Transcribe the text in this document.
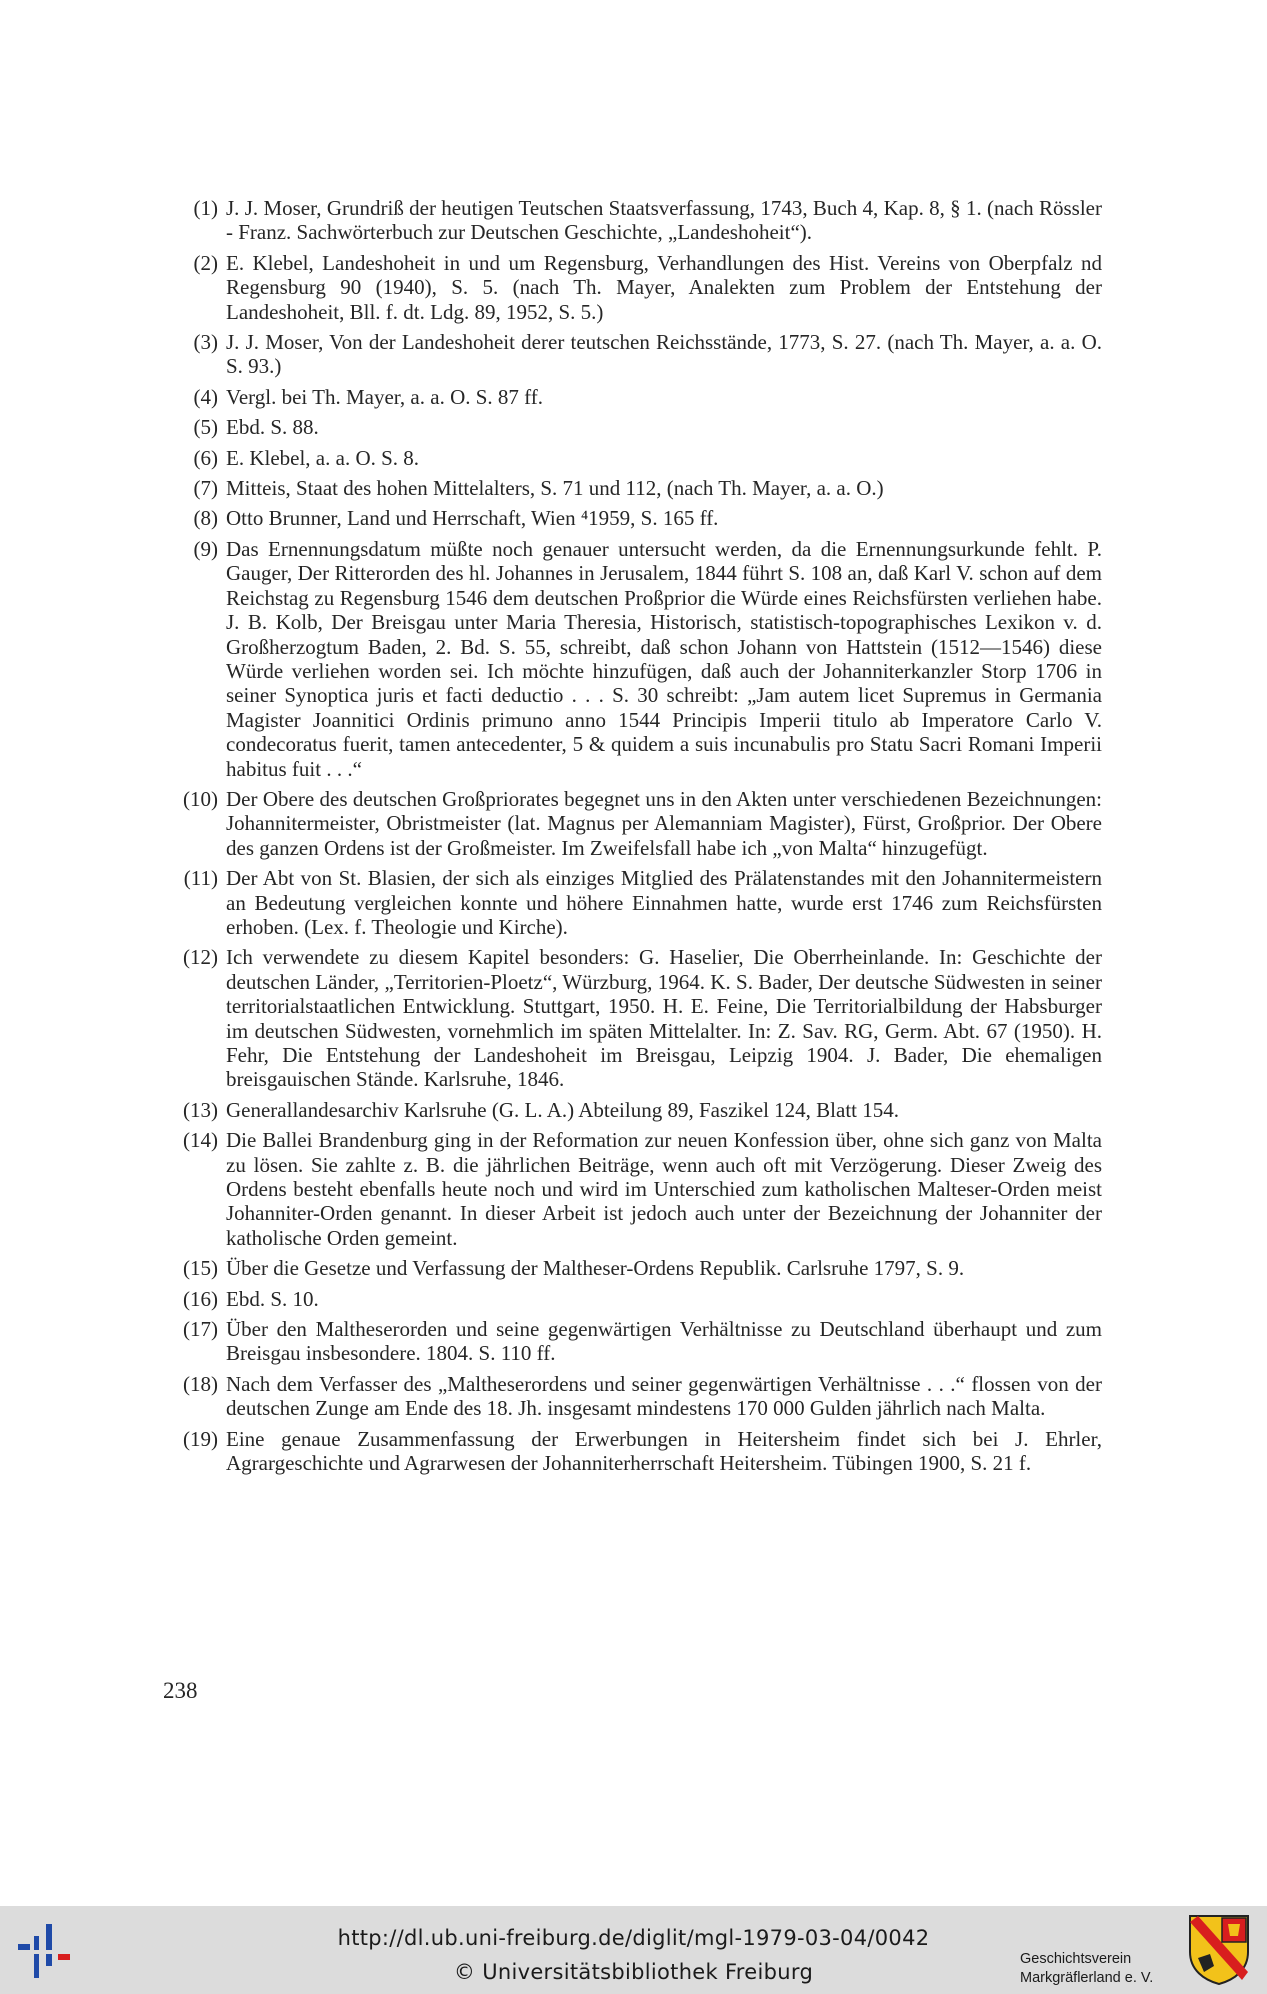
(1) J. J. Moser, Grundriß der heutigen Teutschen Staatsverfassung, 1743, Buch 4, Kap. 8, § 1. (nach Rössler - Franz. Sachwörterbuch zur Deutschen Geschichte, „Landeshoheit“).
(2) E. Klebel, Landeshoheit in und um Regensburg, Verhandlungen des Hist. Vereins von Oberpfalz nd Regensburg 90 (1940), S. 5. (nach Th. Mayer, Analekten zum Problem der Entstehung der Landeshoheit, Bll. f. dt. Ldg. 89, 1952, S. 5.)
(3) J. J. Moser, Von der Landeshoheit derer teutschen Reichsstände, 1773, S. 27. (nach Th. Mayer, a. a. O. S. 93.)
(4) Vergl. bei Th. Mayer, a. a. O. S. 87 ff.
(5) Ebd. S. 88.
(6) E. Klebel, a. a. O. S. 8.
(7) Mitteis, Staat des hohen Mittelalters, S. 71 und 112, (nach Th. Mayer, a. a. O.)
(8) Otto Brunner, Land und Herrschaft, Wien ⁴1959, S. 165 ff.
(9) Das Ernennungsdatum müßte noch genauer untersucht werden, da die Ernennungsurkunde fehlt. P. Gauger, Der Ritterorden des hl. Johannes in Jerusalem, 1844 führt S. 108 an, daß Karl V. schon auf dem Reichstag zu Regensburg 1546 dem deutschen Proßprior die Würde eines Reichsfürsten verliehen habe. J. B. Kolb, Der Breisgau unter Maria Theresia, Historisch, statistisch-topographisches Lexikon v. d. Großherzogtum Baden, 2. Bd. S. 55, schreibt, daß schon Johann von Hattstein (1512—1546) diese Würde verliehen worden sei. Ich möchte hinzufügen, daß auch der Johanniterkanzler Storp 1706 in seiner Synoptica juris et facti deductio . . . S. 30 schreibt: „Jam autem licet Supremus in Germania Magister Joannitici Ordinis primuno anno 1544 Principis Imperii titulo ab Imperatore Carlo V. condecoratus fuerit, tamen antecedenter, 5 & quidem a suis incunabulis pro Statu Sacri Romani Imperii habitus fuit . . .“
(10) Der Obere des deutschen Großpriorates begegnet uns in den Akten unter verschiedenen Bezeichnungen: Johannitermeister, Obristmeister (lat. Magnus per Alemanniam Magister), Fürst, Großprior. Der Obere des ganzen Ordens ist der Großmeister. Im Zweifelsfall habe ich „von Malta“ hinzugefügt.
(11) Der Abt von St. Blasien, der sich als einziges Mitglied des Prälatenstandes mit den Johannitermeistern an Bedeutung vergleichen konnte und höhere Einnahmen hatte, wurde erst 1746 zum Reichsfürsten erhoben. (Lex. f. Theologie und Kirche).
(12) Ich verwendete zu diesem Kapitel besonders: G. Haselier, Die Oberrheinlande. In: Geschichte der deutschen Länder, „Territorien-Ploetz“, Würzburg, 1964. K. S. Bader, Der deutsche Südwesten in seiner territorialstaatlichen Entwicklung. Stuttgart, 1950. H. E. Feine, Die Territorialbildung der Habsburger im deutschen Südwesten, vornehmlich im späten Mittelalter. In: Z. Sav. RG, Germ. Abt. 67 (1950). H. Fehr, Die Entstehung der Landeshoheit im Breisgau, Leipzig 1904. J. Bader, Die ehemaligen breisgauischen Stände. Karlsruhe, 1846.
(13) Generallandesarchiv Karlsruhe (G. L. A.) Abteilung 89, Faszikel 124, Blatt 154.
(14) Die Ballei Brandenburg ging in der Reformation zur neuen Konfession über, ohne sich ganz von Malta zu lösen. Sie zahlte z. B. die jährlichen Beiträge, wenn auch oft mit Verzögerung. Dieser Zweig des Ordens besteht ebenfalls heute noch und wird im Unterschied zum katholischen Malteser-Orden meist Johanniter-Orden genannt. In dieser Arbeit ist jedoch auch unter der Bezeichnung der Johanniter der katholische Orden gemeint.
(15) Über die Gesetze und Verfassung der Maltheser-Ordens Republik. Carlsruhe 1797, S. 9.
(16) Ebd. S. 10.
(17) Über den Maltheserorden und seine gegenwärtigen Verhältnisse zu Deutschland überhaupt und zum Breisgau insbesondere. 1804. S. 110 ff.
(18) Nach dem Verfasser des „Maltheserordens und seiner gegenwärtigen Verhältnisse . . .“ flossen von der deutschen Zunge am Ende des 18. Jh. insgesamt mindestens 170 000 Gulden jährlich nach Malta.
(19) Eine genaue Zusammenfassung der Erwerbungen in Heitersheim findet sich bei J. Ehrler, Agrargeschichte und Agrarwesen der Johanniterherrschaft Heitersheim. Tübingen 1900, S. 21 f.
238
http://dl.ub.uni-freiburg.de/diglit/mgl-1979-03-04/0042
© Universitätsbibliothek Freiburg
Geschichtsverein
Markgräflerland e. V.
